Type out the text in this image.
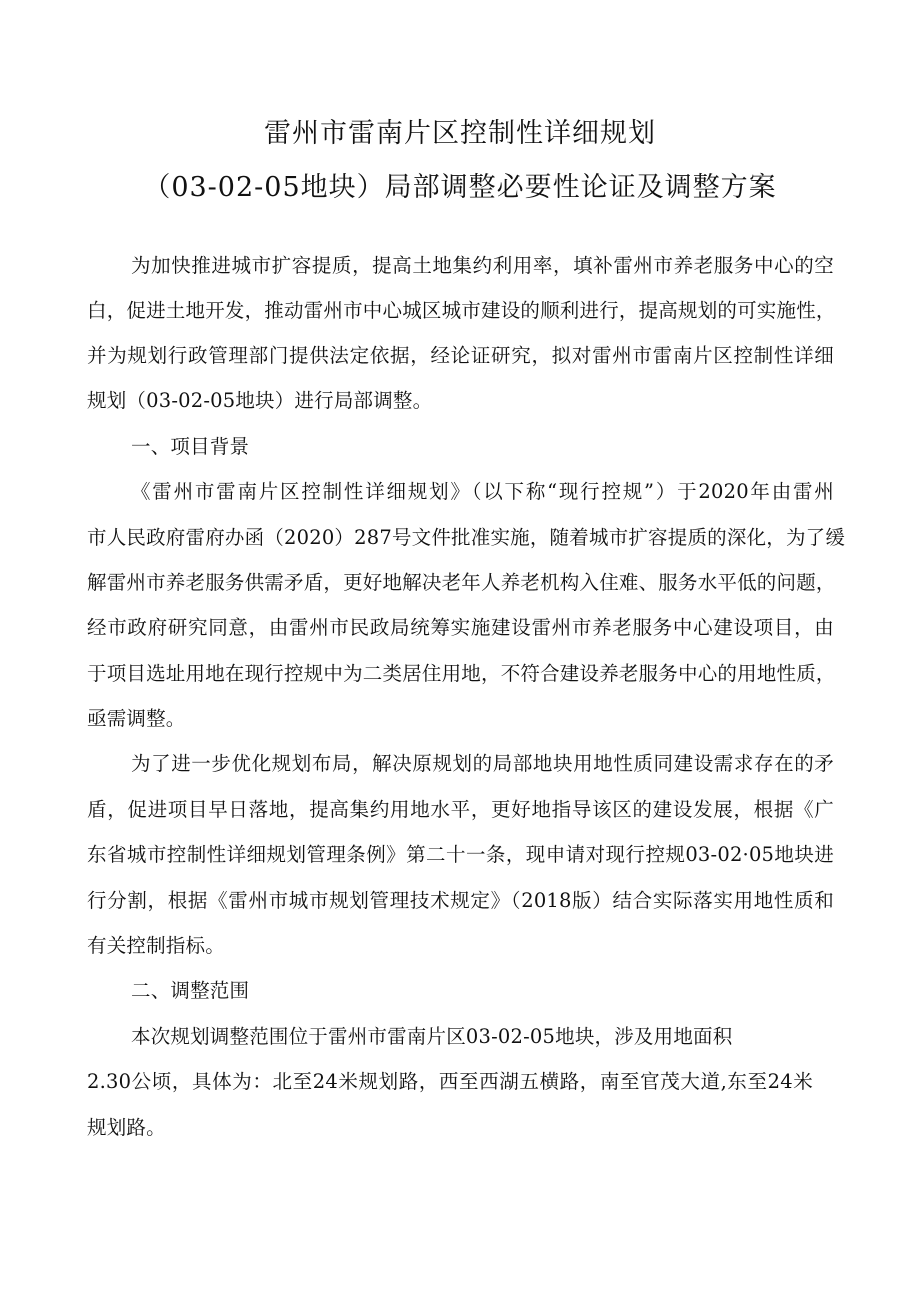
雷州市雷南片区控制性详细规划
（03-02-05地块）局部调整必要性论证及调整方案
为加快推进城市扩容提质，提高土地集约利用率，填补雷州市养老服务中心的空
白，促进土地开发，推动雷州市中心城区城市建设的顺利进行，提高规划的可实施性，
并为规划行政管理部门提供法定依据，经论证研究，拟对雷州市雷南片区控制性详细
规划（03-02-05地块）进行局部调整。
一、项目背景
《雷州市雷南片区控制性详细规划》（以下称“现行控规”）于2020年由雷州
市人民政府雷府办函（2020）287号文件批准实施，随着城市扩容提质的深化，为了缓
解雷州市养老服务供需矛盾，更好地解决老年人养老机构入住难、服务水平低的问题，
经市政府研究同意，由雷州市民政局统筹实施建设雷州市养老服务中心建设项目，由
于项目选址用地在现行控规中为二类居住用地，不符合建设养老服务中心的用地性质，
亟需调整。
为了进一步优化规划布局，解决原规划的局部地块用地性质同建设需求存在的矛
盾，促进项目早日落地，提高集约用地水平，更好地指导该区的建设发展，根据《广
东省城市控制性详细规划管理条例》第二十一条，现申请对现行控规03-02·05地块进
行分割，根据《雷州市城市规划管理技术规定》（2018版）结合实际落实用地性质和
有关控制指标。
二、调整范围
本次规划调整范围位于雷州市雷南片区03-02-05地块，涉及用地面积
2.30公顷，具体为：北至24米规划路，西至西湖五横路，南至官茂大道,东至24米
规划路。
